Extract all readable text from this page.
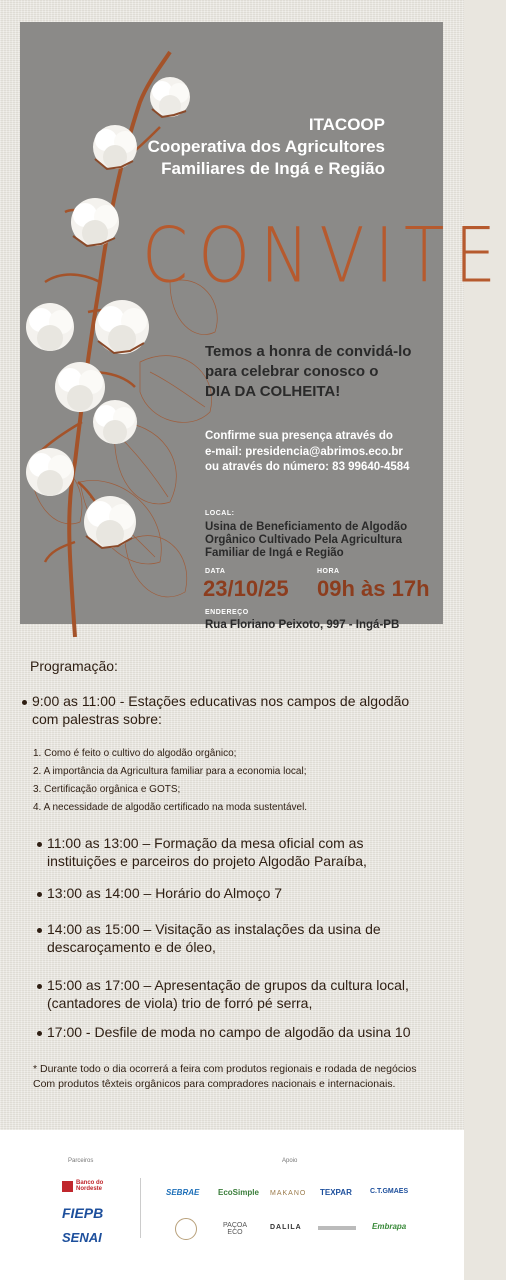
ITACOOP
Cooperativa dos Agricultores
Familiares de Ingá e Região
CONVITE
Temos a honra de convidá-lo
para celebrar conosco o
DIA DA COLHEITA!
Confirme sua presença através do
e-mail: presidencia@abrimos.eco.br
ou através do número: 83 99640-4584
LOCAL:
Usina de Beneficiamento de Algodão
Orgânico Cultivado Pela Agricultura
Familiar de Ingá e Região
DATA	HORA
23/10/25 09h às 17h
ENDEREÇO
Rua Floriano Peixoto, 997 - Ingá-PB
Programação:
9:00 as 11:00 - Estações educativas nos campos de algodão
com palestras sobre:
1. Como é feito o cultivo do algodão orgânico;
2. A importância da Agricultura familiar para a economia local;
3. Certificação orgânica e GOTS;
4. A necessidade de algodão certificado na moda sustentável.
11:00 as 13:00 – Formação da mesa oficial com as
instituições e parceiros do projeto Algodão Paraíba,
13:00 as 14:00 – Horário do Almoço 7
14:00 as 15:00 – Visitação as instalações da usina de
descaroçamento e de óleo,
15:00 as 17:00 – Apresentação de grupos da cultura local,
(cantadores de viola) trio de forró pé serra,
17:00 - Desfile de moda no campo de algodão da usina 10
* Durante todo o dia ocorrerá a feira com produtos regionais e rodada de negócios
Com produtos têxteis orgânicos para compradores nacionais e internacionais.
Parceiros	Apoio
Banco do Nordeste
FIEPB
SENAI
SEBRAE EcoSimple MAKANO TEXPAR	C.T.GMAES
PAÇOA ECO
DALILA	Embrapa
